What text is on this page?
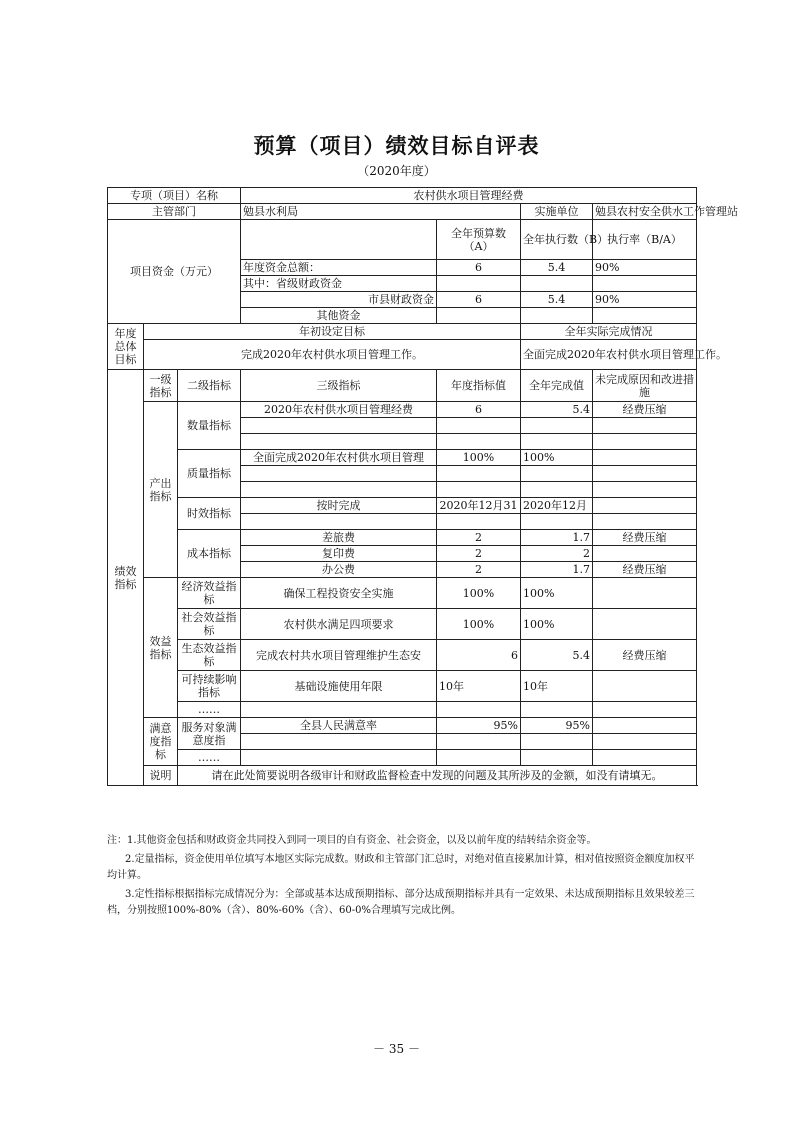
预算（项目）绩效目标自评表
（2020年度）
专项（项目）名称			农村供水项目管理经费			
主管部门			勉县水利局		实施单位	勉县农村安全供水工作管理站
项目资金（万元）				全年预算数（A）	全年执行数（B）	执行率（B/A）
			年度资金总额：	6	5.4	90%
			其中：省级财政资金			
			市县财政资金	6	5.4	90%
			其他资金			
年度总体目标	年初设定目标				全年实际完成情况	
	完成2020年农村供水项目管理工作。				全面完成2020年农村供水项目管理工作。	
绩效指标	一级指标	二级指标	三级指标	年度指标值	全年完成值	未完成原因和改进措施
	产出指标	数量指标	2020年农村供水项目管理经费	6	5.4	经费压缩

		质量指标	全面完成2020年农村供水项目管理	100%	100%	

		时效指标	按时完成	2020年12月31	2020年12月	

		成本指标	差旅费	2	1.7	经费压缩
			复印费	2	2	
			办公费	2	1.7	经费压缩
	效益指标	经济效益指标	确保工程投资安全实施	100%	100%	
		社会效益指标	农村供水满足四项要求	100%	100%	
		生态效益指标	完成农村共水项目管理维护生态安	6	5.4	经费压缩
		可持续影响指标	基础设施使用年限	10年	10年	
		……				
	满意度指标	服务对象满意度指	全县人民满意率	95%	95%	

		……				
	说明	请在此处简要说明各级审计和财政监督检查中发现的问题及其所涉及的金额，如没有请填无。				

注：1.其他资金包括和财政资金共同投入到同一项目的自有资金、社会资金，以及以前年度的结转结余资金等。

2.定量指标，资金使用单位填写本地区实际完成数。财政和主管部门汇总时，对绝对值直接累加计算，相对值按照资金额度加权平均计算。

3.定性指标根据指标完成情况分为：全部或基本达成预期指标、部分达成预期指标并具有一定效果、未达成预期指标且效果较差三档，分别按照100%-80%（含）、80%-60%（含）、60-0%合理填写完成比例。

－ 35 －
